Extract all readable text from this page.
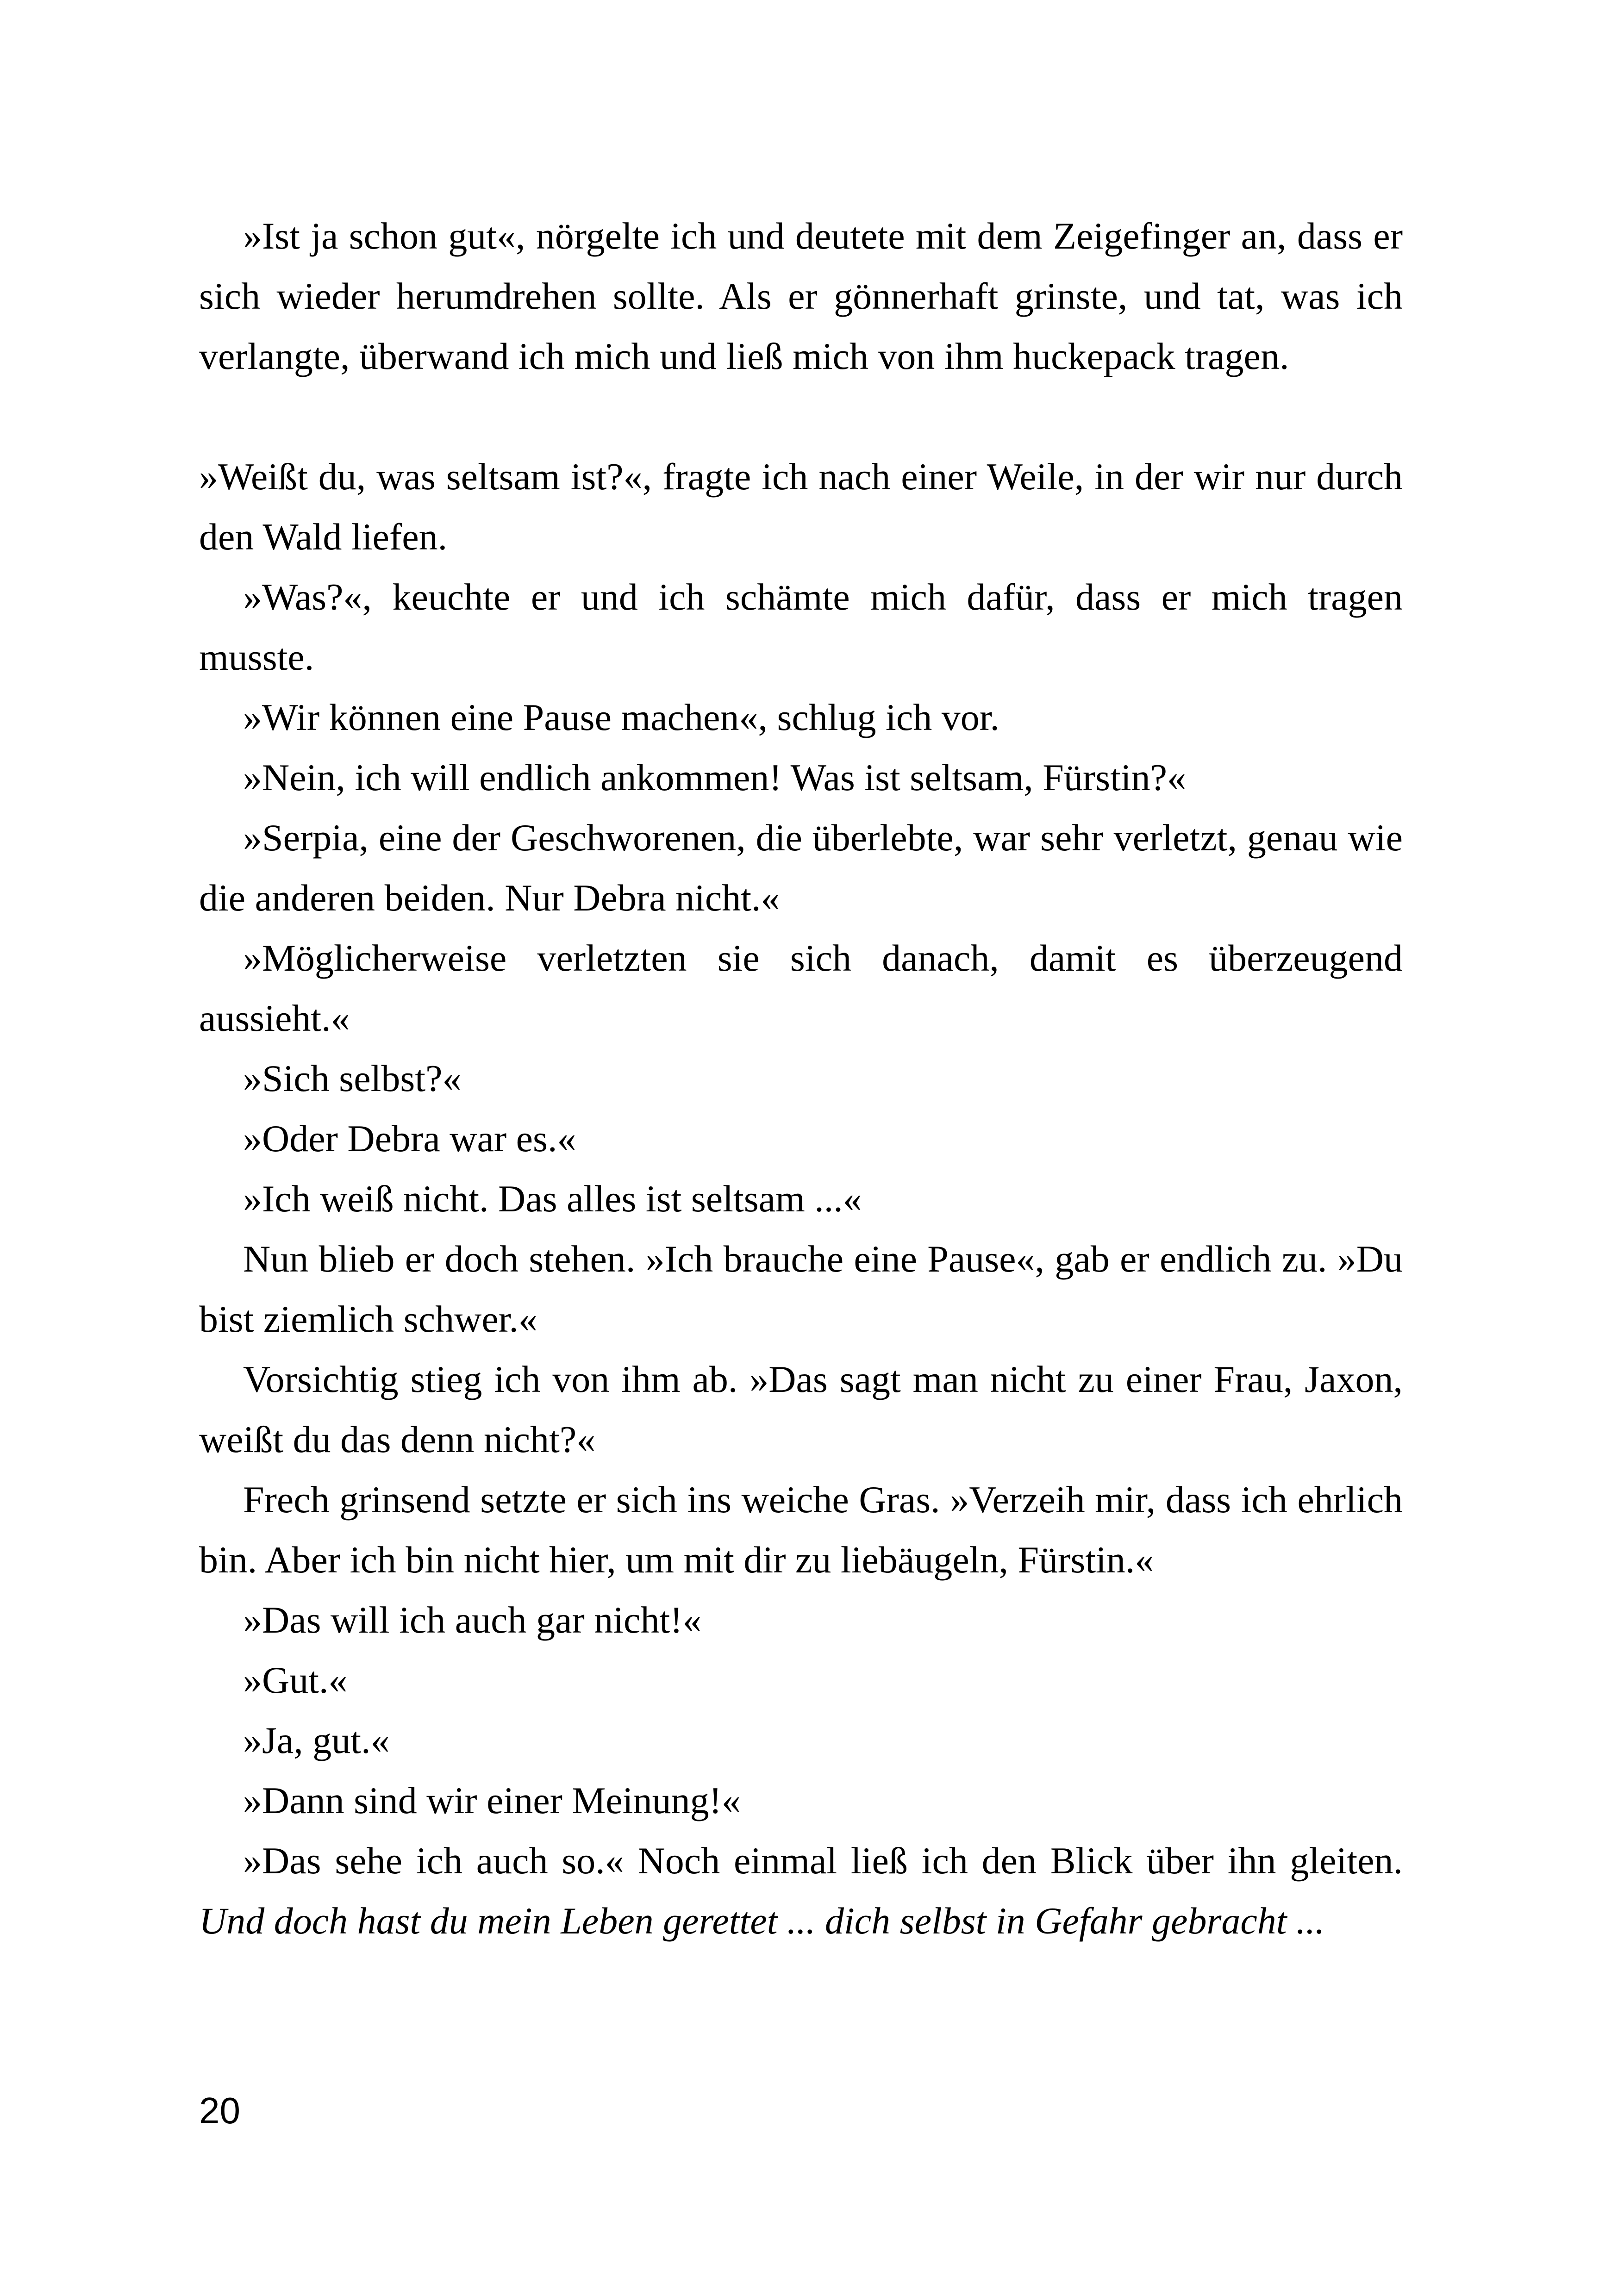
»Ist ja schon gut«, nörgelte ich und deutete mit dem Zeigefinger an, dass er sich wieder herumdrehen sollte. Als er gönnerhaft grinste, und tat, was ich verlangte, überwand ich mich und ließ mich von ihm huckepack tragen.

»Weißt du, was seltsam ist?«, fragte ich nach einer Weile, in der wir nur durch den Wald liefen.

»Was?«, keuchte er und ich schämte mich dafür, dass er mich tragen musste.

»Wir können eine Pause machen«, schlug ich vor.

»Nein, ich will endlich ankommen! Was ist seltsam, Fürstin?«

»Serpia, eine der Geschworenen, die überlebte, war sehr verletzt, genau wie die anderen beiden. Nur Debra nicht.«

»Möglicherweise verletzten sie sich danach, damit es überzeugend aussieht.«

»Sich selbst?«

»Oder Debra war es.«

»Ich weiß nicht. Das alles ist seltsam ...«

Nun blieb er doch stehen. »Ich brauche eine Pause«, gab er endlich zu. »Du bist ziemlich schwer.«

Vorsichtig stieg ich von ihm ab. »Das sagt man nicht zu einer Frau, Jaxon, weißt du das denn nicht?«

Frech grinsend setzte er sich ins weiche Gras. »Verzeih mir, dass ich ehrlich bin. Aber ich bin nicht hier, um mit dir zu liebäugeln, Fürstin.«

»Das will ich auch gar nicht!«

»Gut.«

»Ja, gut.«

»Dann sind wir einer Meinung!«

»Das sehe ich auch so.« Noch einmal ließ ich den Blick über ihn gleiten. Und doch hast du mein Leben gerettet ... dich selbst in Gefahr gebracht ...

20
